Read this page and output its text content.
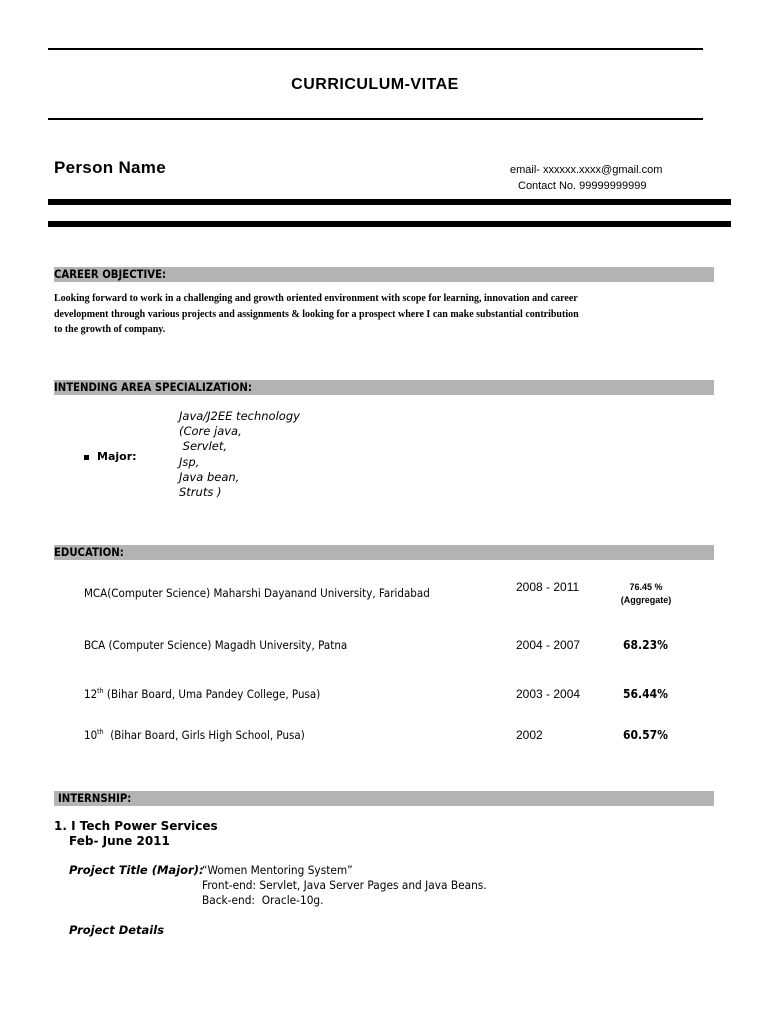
CURRICULUM-VITAE
Person Name	email- xxxxxx.xxxx@gmail.com
Contact No. 99999999999
CAREER OBJECTIVE:
Looking forward to work in a challenging and growth oriented environment with scope for learning, innovation and career
development through various projects and assignments & looking for a prospect where I can make substantial contribution
to the growth of company.
INTENDING AREA SPECIALIZATION:
Major:
Java/J2EE technology
(Core java,
Servlet,
Jsp,
Java bean,
Struts )
EDUCATION:
MCA(Computer Science) Maharshi Dayanand University, Faridabad	2008 - 2011	76.45 %
(Aggregate)
BCA (Computer Science) Magadh University, Patna	2004 - 2007	68.23%
12th (Bihar Board, Uma Pandey College, Pusa)	2003 - 2004	56.44%
10th  (Bihar Board, Girls High School, Pusa)	2002	60.57%
INTERNSHIP:
1. I Tech Power Services
Feb- June 2011
Project Title (Major):
“Women Mentoring System”
Front-end: Servlet, Java Server Pages and Java Beans.
Back-end:  Oracle-10g.
Project Details
